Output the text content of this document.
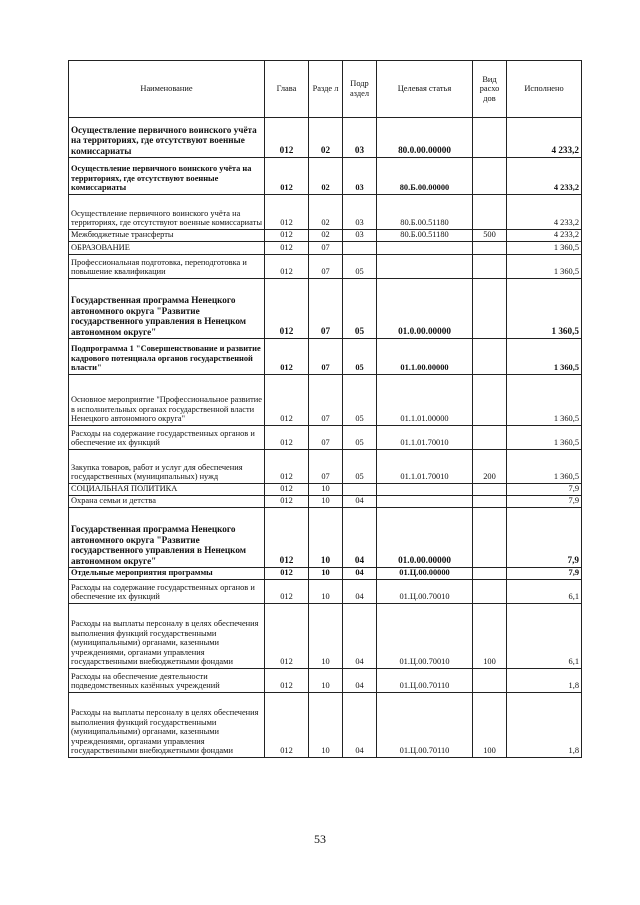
Наименование	Глава	Разде л	Подр аздел	Целевая статья	Вид расхо дов	Исполнено
Осуществление первичного воинского учёта на территориях, где отсутствуют военные комиссариаты	012	02	03	80.0.00.00000		4 233,2
Осуществление первичного воинского учёта на территориях, где отсутствуют военные комиссариаты	012	02	03	80.Б.00.00000		4 233,2
Осуществление первичного воинского учёта на территориях, где отсутствуют военные комиссариаты	012	02	03	80.Б.00.51180		4 233,2
Межбюджетные трансферты	012	02	03	80.Б.00.51180	500	4 233,2
ОБРАЗОВАНИЕ	012	07				1 360,5
Профессиональная подготовка, переподготовка и повышение квалификации	012	07	05			1 360,5
Государственная программа Ненецкого автономного округа "Развитие государственного управления в Ненецком автономном округе"	012	07	05	01.0.00.00000		1 360,5
Подпрограмма 1 "Совершенствование и развитие кадрового потенциала органов государственной власти"	012	07	05	01.1.00.00000		1 360,5
Основное мероприятие "Профессиональное развитие в исполнительных органах государственной власти Ненецкого автономного округа"	012	07	05	01.1.01.00000		1 360,5
Расходы на содержание государственных органов и обеспечение их функций	012	07	05	01.1.01.70010		1 360,5
Закупка товаров, работ и услуг для обеспечения государственных (муниципальных) нужд	012	07	05	01.1.01.70010	200	1 360,5
СОЦИАЛЬНАЯ ПОЛИТИКА	012	10				7,9
Охрана семьи и детства	012	10	04			7,9
Государственная программа Ненецкого автономного округа "Развитие государственного управления в Ненецком автономном округе"	012	10	04	01.0.00.00000		7,9
Отдельные мероприятия программы	012	10	04	01.Ц.00.00000		7,9
Расходы на содержание государственных органов и обеспечение их функций	012	10	04	01.Ц.00.70010		6,1
Расходы на выплаты персоналу в целях обеспечения выполнения функций государственными (муниципальными) органами, казенными учреждениями, органами управления государственными внебюджетными фондами	012	10	04	01.Ц.00.70010	100	6,1
Расходы на обеспечение деятельности подведомственных казённых учреждений	012	10	04	01.Ц.00.70110		1,8
Расходы на выплаты персоналу в целях обеспечения выполнения функций государственными (муниципальными) органами, казенными учреждениями, органами управления государственными внебюджетными фондами	012	10	04	01.Ц.00.70110	100	1,8
53
